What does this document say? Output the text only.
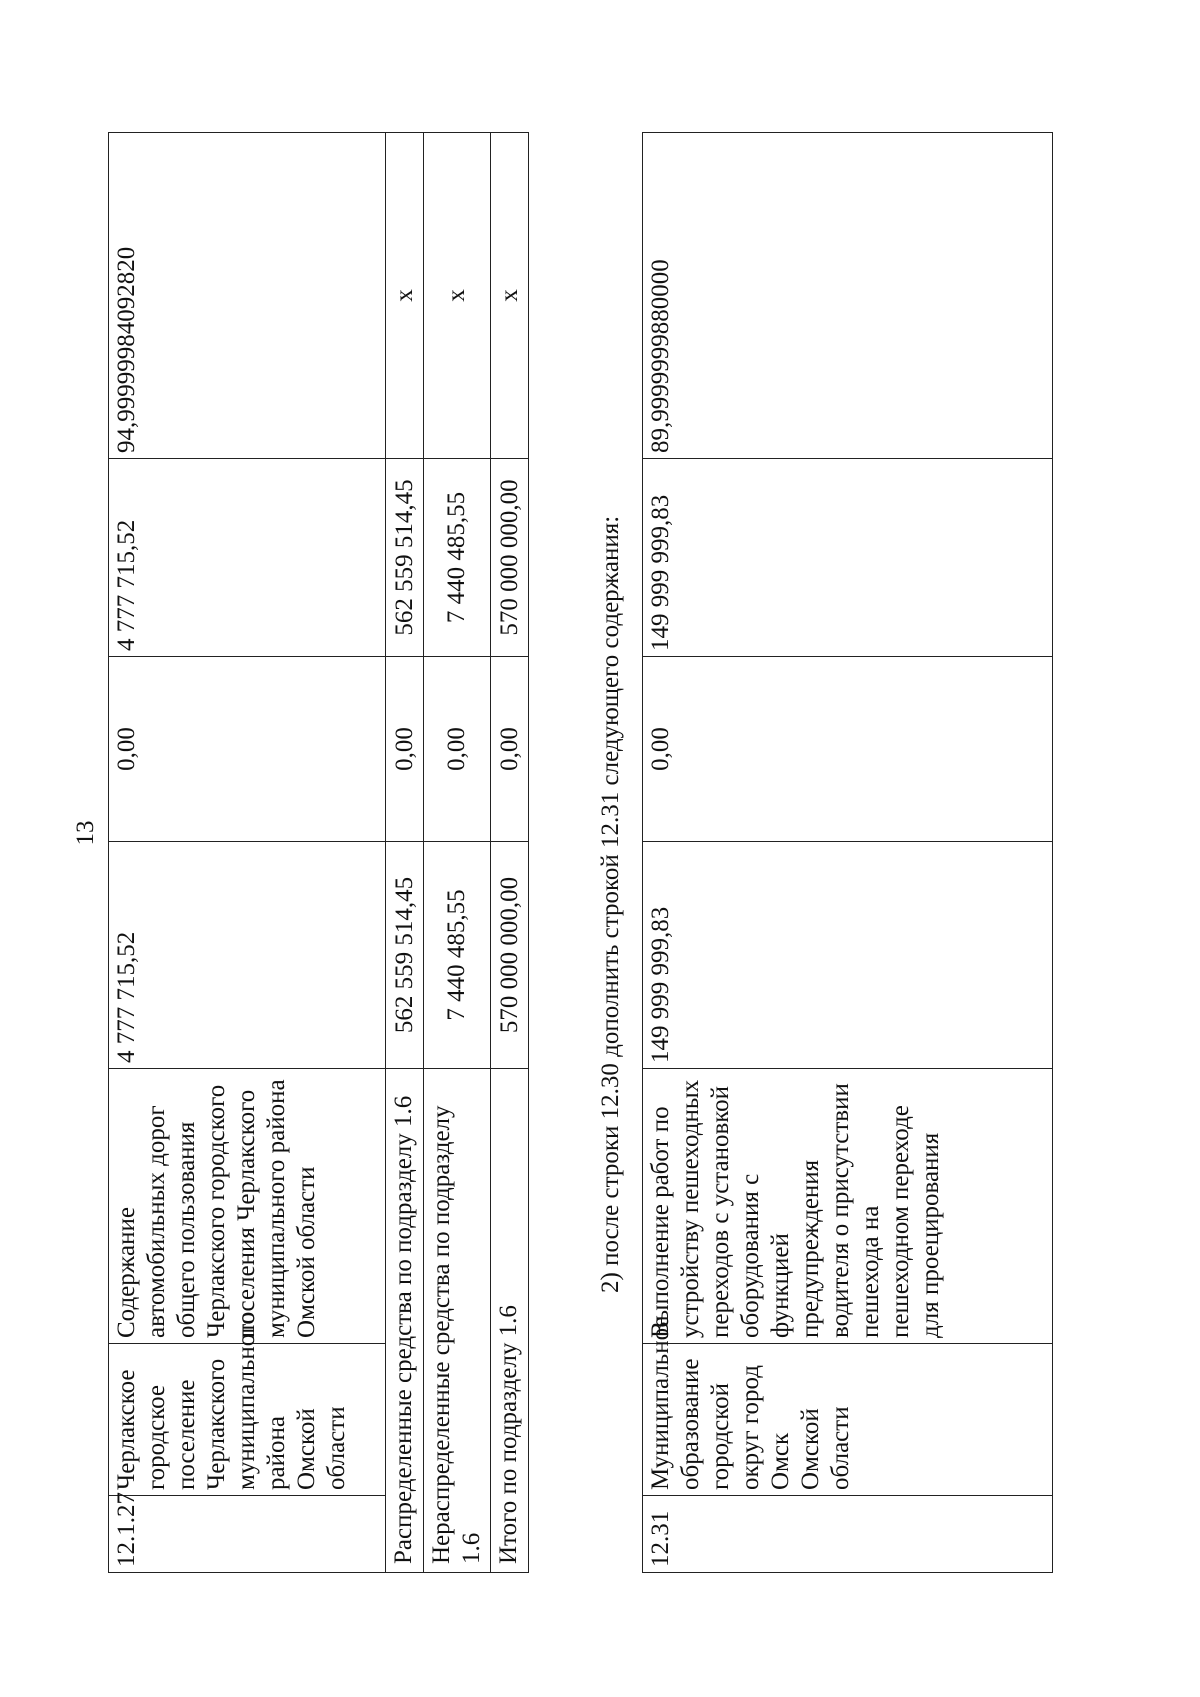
13
12.1.27	Черлакское городское поселение Черлакского муниципального района Омской области	Содержание автомобильных дорог общего пользования Черлакского городского поселения Черлакского муниципального района Омской области	4 777 715,52	0,00	4 777 715,52	94,99999984092820
Распределенные средства по подразделу 1.6			562 559 514,45	0,00	562 559 514,45	x
Нераспределенные средства по подразделу 1.6			7 440 485,55	0,00	7 440 485,55	x
Итого по подразделу 1.6			570 000 000,00	0,00	570 000 000,00	x
2) после строки 12.30 дополнить строкой 12.31 следующего содержания:
12.31	Муниципальное образование городской округ город Омск Омской области	Выполнение работ по устройству пешеходных переходов с установкой оборудования с функцией предупреждения водителя о присутствии пешехода на пешеходном переходе для проецирования	149 999 999,83	0,00	149 999 999,83	89,9999999880000
